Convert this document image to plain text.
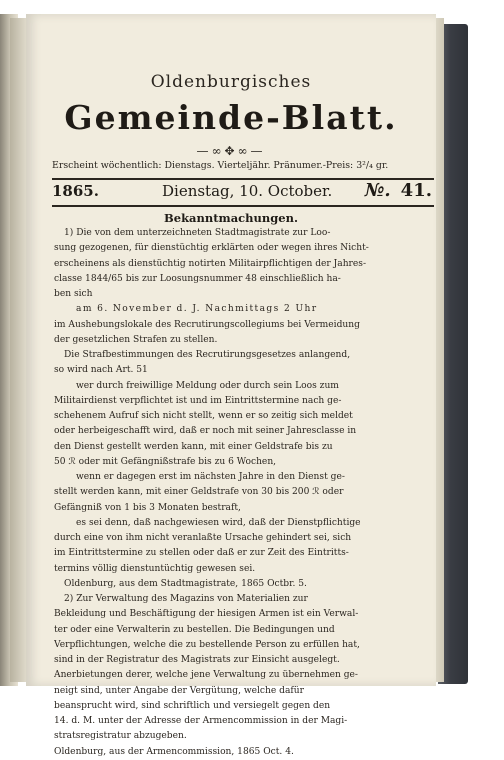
Oldenburgisches
Gemeinde-Blatt.
—∞✥∞—
Erscheint wöchentlich: Dienstags. Vierteljähr. Pränumer.-Preis: 3²/₄ gr.
1865.	Dienstag, 10. October. №. 41.
Bekanntmachungen.
1) Die von dem unterzeichneten Stadtmagistrate zur Loo-
sung gezogenen, für dienstüchtig erklärten oder wegen ihres Nicht-
erscheinens als dienstüchtig notirten Militairpflichtigen der Jahres-
classe 1844/65 bis zur Loosungsnummer 48 einschließlich ha-
ben sich
am 6. November d. J. Nachmittags 2 Uhr
im Aushebungslokale des Recrutirungscollegiums bei Vermeidung
der gesetzlichen Strafen zu stellen.
Die Strafbestimmungen des Recrutirungsgesetzes anlangend,
so wird nach Art. 51
wer durch freiwillige Meldung oder durch sein Loos zum
Militairdienst verpflichtet ist und im Eintrittstermine nach ge-
schehenem Aufruf sich nicht stellt, wenn er so zeitig sich meldet
oder herbeigeschafft wird, daß er noch mit seiner Jahresclasse in
den Dienst gestellt werden kann, mit einer Geldstrafe bis zu
50 ℛ oder mit Gefängnißstrafe bis zu 6 Wochen,
wenn er dagegen erst im nächsten Jahre in den Dienst ge-
stellt werden kann, mit einer Geldstrafe von 30 bis 200 ℛ oder
Gefängniß von 1 bis 3 Monaten bestraft,
es sei denn, daß nachgewiesen wird, daß der Dienstpflichtige
durch eine von ihm nicht veranlaßte Ursache gehindert sei, sich
im Eintrittstermine zu stellen oder daß er zur Zeit des Eintritts-
termins völlig dienstuntüchtig gewesen sei.
Oldenburg, aus dem Stadtmagistrate, 1865 Octbr. 5.
2) Zur Verwaltung des Magazins von Materialien zur
Bekleidung und Beschäftigung der hiesigen Armen ist ein Verwal-
ter oder eine Verwalterin zu bestellen. Die Bedingungen und
Verpflichtungen, welche die zu bestellende Person zu erfüllen hat,
sind in der Registratur des Magistrats zur Einsicht ausgelegt.
Anerbietungen derer, welche jene Verwaltung zu übernehmen ge-
neigt sind, unter Angabe der Vergütung, welche dafür
beansprucht wird, sind schriftlich und versiegelt gegen den
14. d. M. unter der Adresse der Armencommission in der Magi-
stratsregistratur abzugeben.
Oldenburg, aus der Armencommission, 1865 Oct. 4.
